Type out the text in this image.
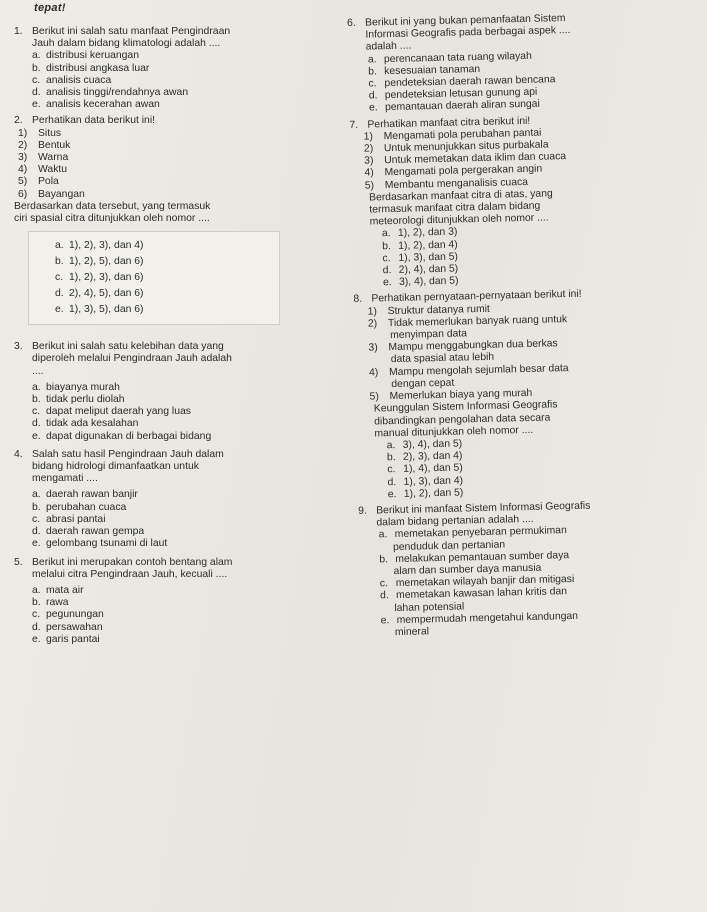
tepat!
1. Berikut ini salah satu manfaat Pengindraan
Jauh dalam bidang klimatologi adalah ....
a. distribusi keruangan
b. distribusi angkasa luar
c. analisis cuaca
d. analisis tinggi/rendahnya awan
e. analisis kecerahan awan
2. Perhatikan data berikut ini!
1)	Situs
2)	Bentuk
3)	Warna
4)	Waktu
5)	Pola
6)	Bayangan
Berdasarkan data tersebut, yang termasuk
ciri spasial citra ditunjukkan oleh nomor ....
a. 1), 2), 3), dan 4)
b. 1), 2), 5), dan 6)
c. 1), 2), 3), dan 6)
d. 2), 4), 5), dan 6)
e. 1), 3), 5), dan 6)
3. Berikut ini salah satu kelebihan data yang
diperoleh melalui Pengindraan Jauh adalah
....
a. biayanya murah
b. tidak perlu diolah
c. dapat meliput daerah yang luas
d. tidak ada kesalahan
e. dapat digunakan di berbagai bidang
4. Salah satu hasil Pengindraan Jauh dalam
bidang hidrologi dimanfaatkan untuk
mengamati ....
a. daerah rawan banjir
b. perubahan cuaca
c. abrasi pantai
d. daerah rawan gempa
e. gelombang tsunami di laut
5. Berikut ini merupakan contoh bentang alam
melalui citra Pengindraan Jauh, kecuali ....
a. mata air
b. rawa
c. pegunungan
d. persawahan
e. garis pantai
6. Berikut ini yang bukan pemanfaatan Sistem
Informasi Geografis pada berbagai aspek ....
adalah ....
a. perencanaan tata ruang wilayah
b. kesesuaian tanaman
c. pendeteksian daerah rawan bencana
d. pendeteksian letusan gunung api
e. pemantauan daerah aliran sungai
7. Perhatikan manfaat citra berikut ini!
1)	Mengamati pola perubahan pantai
2)	Untuk menunjukkan situs purbakala
3)	Untuk memetakan data iklim dan cuaca
4)	Mengamati pola pergerakan angin
5)	Membantu menganalisis cuaca
Berdasarkan manfaat citra di atas, yang
termasuk manfaat citra dalam bidang
meteorologi ditunjukkan oleh nomor ....
a. 1), 2), dan 3)
b. 1), 2), dan 4)
c. 1), 3), dan 5)
d. 2), 4), dan 5)
e. 3), 4), dan 5)
8. Perhatikan pernyataan-pernyataan berikut ini!
1)	Struktur datanya rumit
2)	Tidak memerlukan banyak ruang untuk
menyimpan data
3)	Mampu menggabungkan dua berkas
data spasial atau lebih
4)	Mampu mengolah sejumlah besar data
dengan cepat
5)	Memerlukan biaya yang murah
Keunggulan Sistem Informasi Geografis
dibandingkan pengolahan data secara
manual ditunjukkan oleh nomor ....
a. 3), 4), dan 5)
b. 2), 3), dan 4)
c. 1), 4), dan 5)
d. 1), 3), dan 4)
e. 1), 2), dan 5)
9. Berikut ini manfaat Sistem Informasi Geografis
dalam bidang pertanian adalah ....
a. memetakan penyebaran permukiman
penduduk dan pertanian
b. melakukan pemantauan sumber daya
alam dan sumber daya manusia
c. memetakan wilayah banjir dan mitigasi
d. memetakan kawasan lahan kritis dan
lahan potensial
e. mempermudah mengetahui kandungan
mineral
